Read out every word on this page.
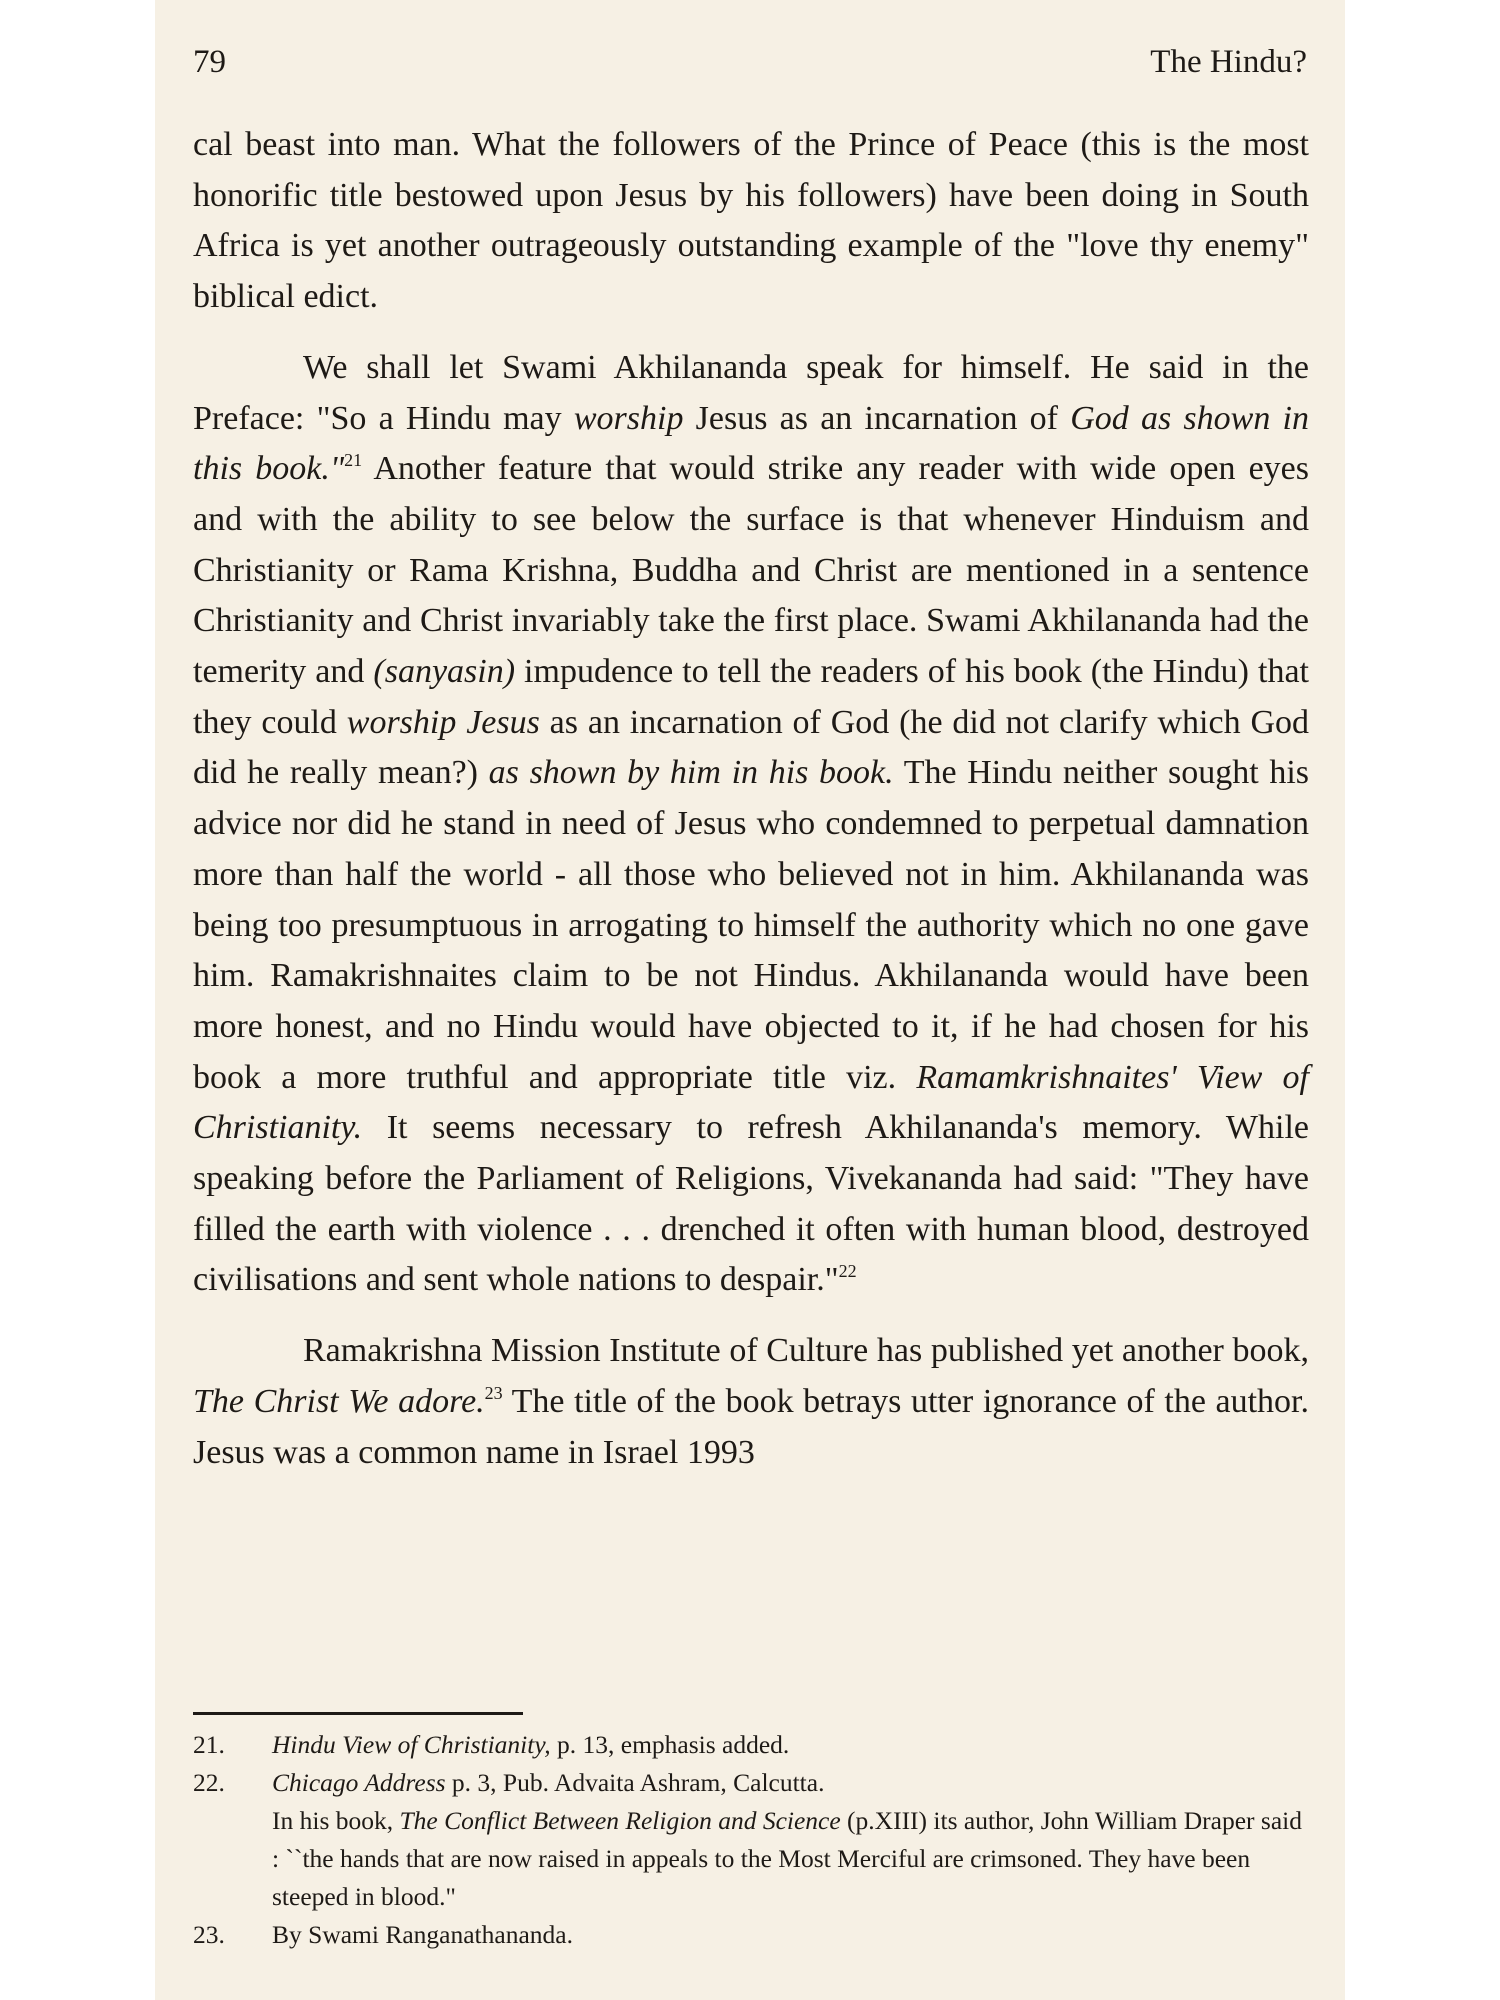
79	The Hindu?

cal beast into man. What the followers of the Prince of Peace (this is the most honorific title bestowed upon Jesus by his followers) have been doing in South Africa is yet another outrageously outstanding example of the "love thy enemy" biblical edict.

We shall let Swami Akhilananda speak for himself. He said in the Preface: "So a Hindu may worship Jesus as an incarnation of God as shown in this book."$^{21}$ Another feature that would strike any reader with wide open eyes and with the ability to see below the surface is that whenever Hinduism and Christianity or Rama Krishna, Buddha and Christ are mentioned in a sentence Christianity and Christ invariably take the first place. Swami Akhilananda had the temerity and (sanyasin) impudence to tell the readers of his book (the Hindu) that they could worship Jesus as an incarnation of God (he did not clarify which God did he really mean?) as shown by him in his book. The Hindu neither sought his advice nor did he stand in need of Jesus who condemned to perpetual damnation more than half the world - all those who believed not in him. Akhilananda was being too presumptuous in arrogating to himself the authority which no one gave him. Ramakrishnaites claim to be not Hindus. Akhilananda would have been more honest, and no Hindu would have objected to it, if he had chosen for his book a more truthful and appropriate title viz. Ramamkrishnaites' View of Christianity. It seems necessary to refresh Akhilananda's memory. While speaking before the Parliament of Religions, Vivekananda had said: "They have filled the earth with violence . . . drenched it often with human blood, destroyed civilisations and sent whole nations to despair."$^{22}$

Ramakrishna Mission Institute of Culture has published yet another book, The Christ We adore.$^{23}$ The title of the book betrays utter ignorance of the author. Jesus was a common name in Israel 1993

21.	Hindu View of Christianity, p. 13, emphasis added.
22.	Chicago Address p. 3, Pub. Advaita Ashram, Calcutta.
In his book, The Conflict Between Religion and Science (p.XIII) its author, John William Draper said : ``the hands that are now raised in appeals to the Most Merciful are crimsoned. They have been steeped in blood."
23.	By Swami Ranganathananda.
